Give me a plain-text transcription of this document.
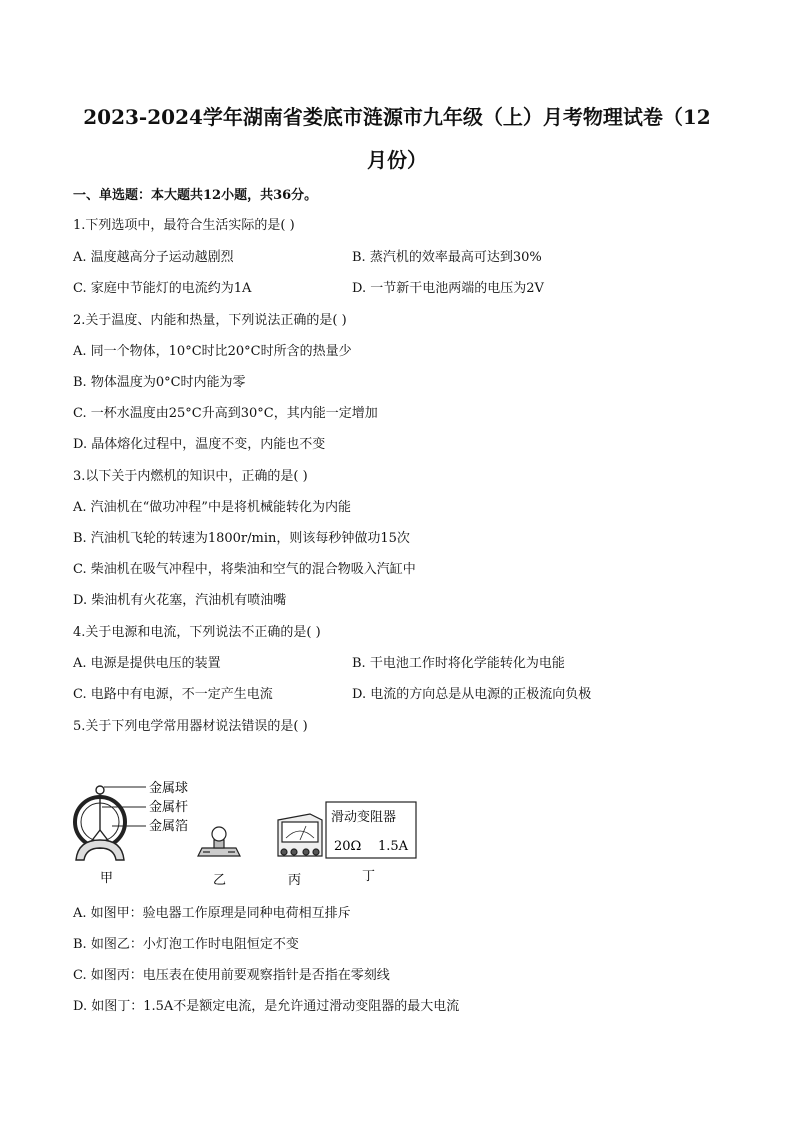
2023-2024学年湖南省娄底市涟源市九年级（上）月考物理试卷（12
月份）
一、单选题：本大题共12小题，共36分。
1.下列选项中，最符合生活实际的是( )
A. 温度越高分子运动越剧烈	B. 蒸汽机的效率最高可达到30%
C. 家庭中节能灯的电流约为1A	D. 一节新干电池两端的电压为2V
2.关于温度、内能和热量，下列说法正确的是( )
A. 同一个物体，10°C时比20°C时所含的热量少
B. 物体温度为0°C时内能为零
C. 一杯水温度由25°C升高到30°C，其内能一定增加
D. 晶体熔化过程中，温度不变，内能也不变
3.以下关于内燃机的知识中，正确的是( )
A. 汽油机在“做功冲程”中是将机械能转化为内能
B. 汽油机飞轮的转速为1800r/min，则该每秒钟做功15次
C. 柴油机在吸气冲程中，将柴油和空气的混合物吸入汽缸中
D. 柴油机有火花塞，汽油机有喷油嘴
4.关于电源和电流，下列说法不正确的是( )
A. 电源是提供电压的装置	B. 干电池工作时将化学能转化为电能
C. 电路中有电源，不一定产生电流	D. 电流的方向总是从电源的正极流向负极
5.关于下列电学常用器材说法错误的是( )
金属球
金属杆
金属箔
滑动变阻器
20Ω 1.5A
甲	乙	丙	丁
A. 如图甲：验电器工作原理是同种电荷相互排斥
B. 如图乙：小灯泡工作时电阻恒定不变
C. 如图丙：电压表在使用前要观察指针是否指在零刻线
D. 如图丁：1.5A不是额定电流，是允许通过滑动变阻器的最大电流
